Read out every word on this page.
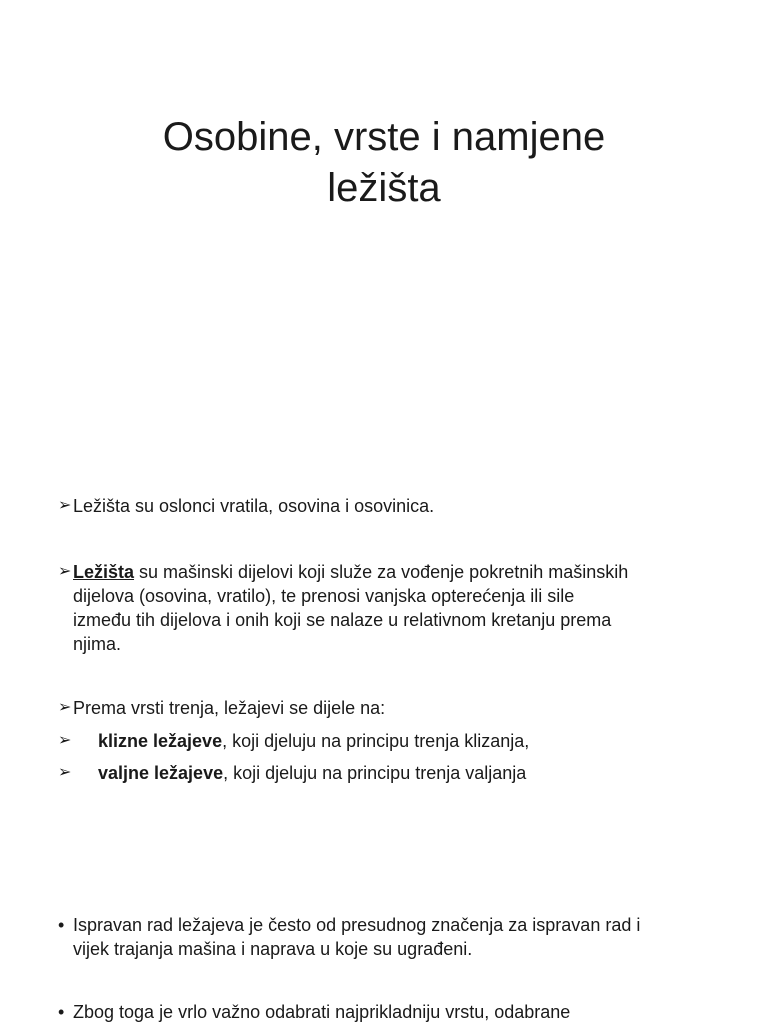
Osobine, vrste i namjene
ležišta
➢ Ležišta su oslonci vratila, osovina i osovinica.
➢ Ležišta su mašinski dijelovi koji služe za vođenje pokretnih mašinskih
dijelova (osovina, vratilo), te prenosi vanjska opterećenja ili sile
između tih dijelova i onih koji se nalaze u relativnom kretanju prema
njima.
➢ Prema vrsti trenja, ležajevi se dijele na:
➢	klizne ležajeve, koji djeluju na principu trenja klizanja,
➢	valjne ležajeve, koji djeluju na principu trenja valjanja
• Ispravan rad ležajeva je često od presudnog značenja za ispravan rad i
vijek trajanja mašina i naprava u koje su ugrađeni.
• Zbog toga je vrlo važno odabrati najprikladniju vrstu, odabrane
